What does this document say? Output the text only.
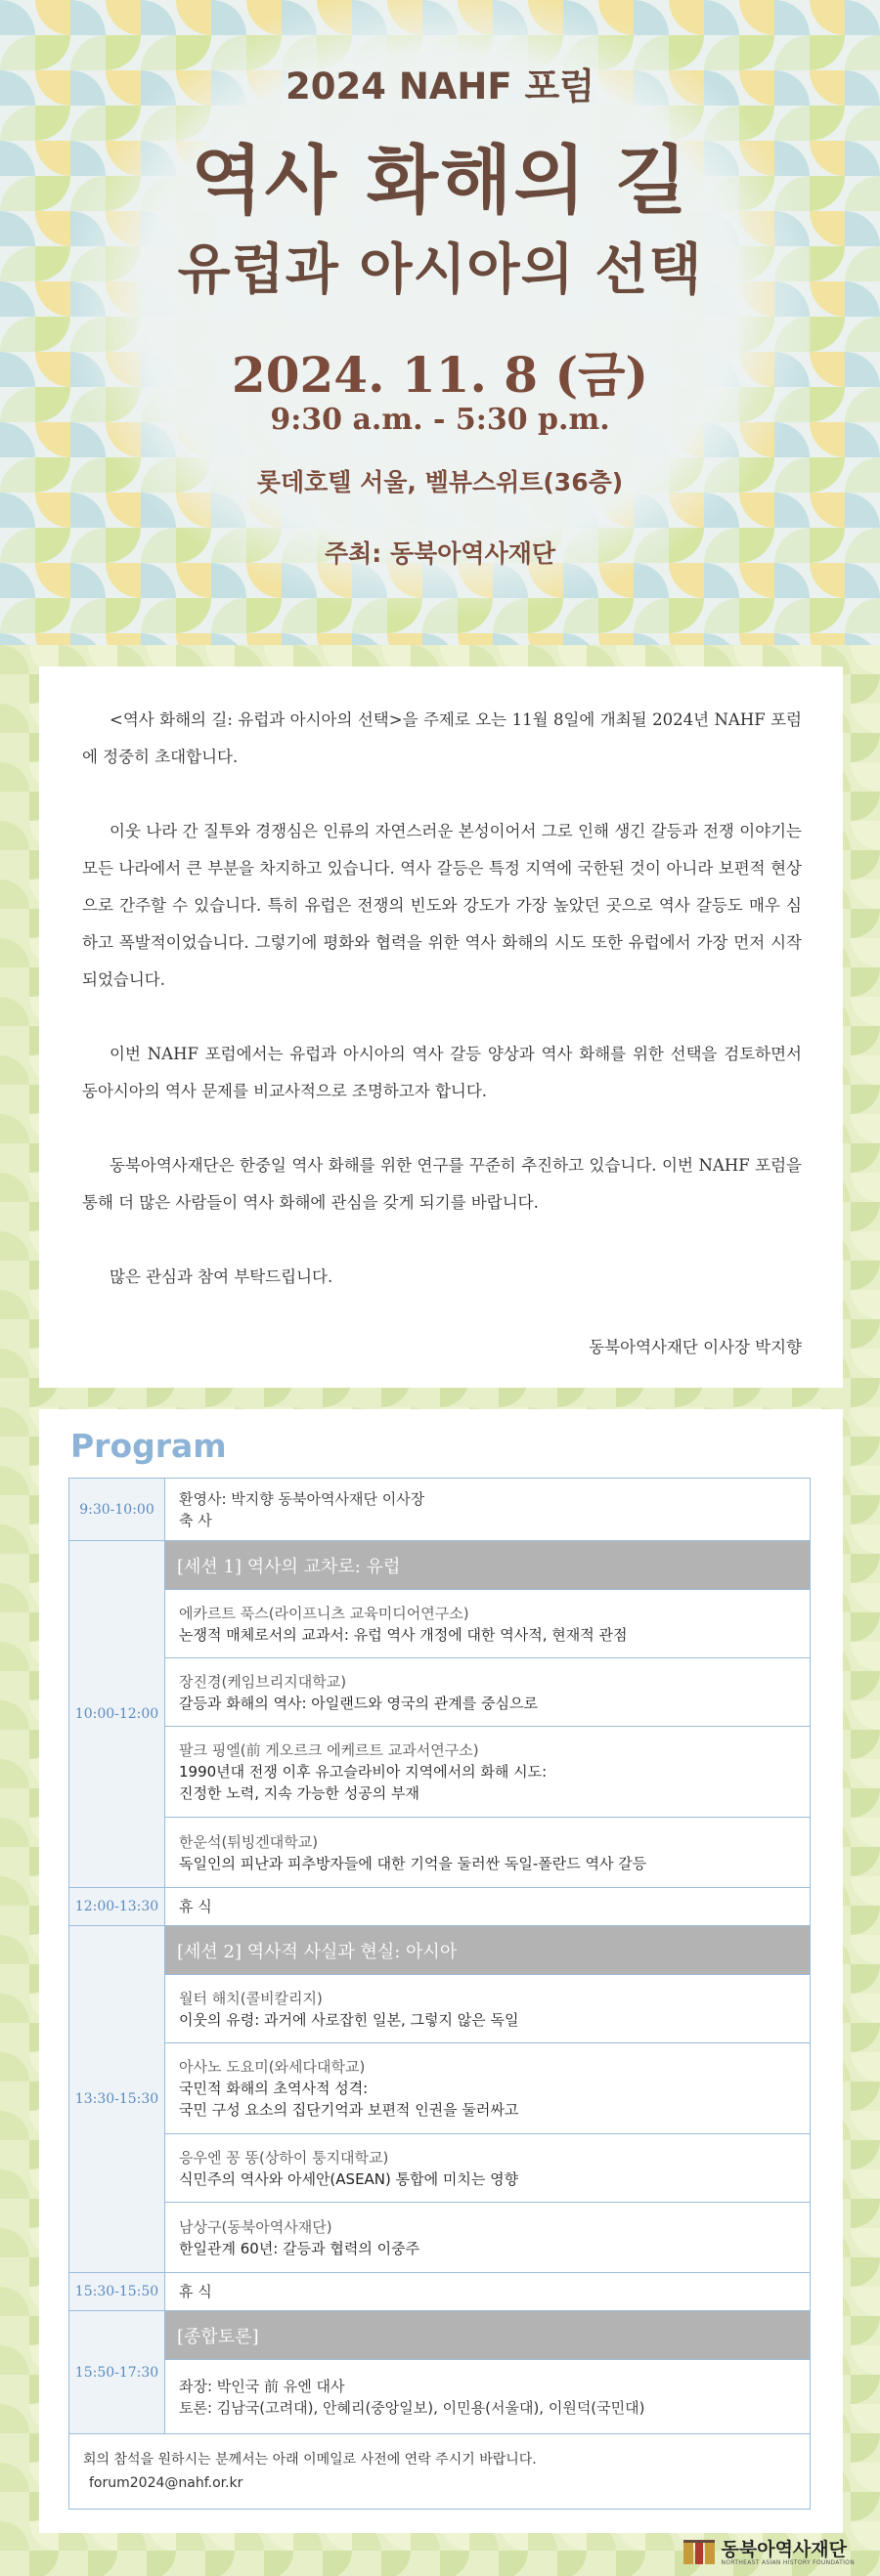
2024 NAHF 포럼
역사 화해의 길
유럽과 아시아의 선택
2024. 11. 8 (금)
9:30 a.m. - 5:30 p.m.
롯데호텔 서울, 벨뷰스위트(36층)
주최: 동북아역사재단

<역사 화해의 길: 유럽과 아시아의 선택>을 주제로 오는 11월 8일에 개최될 2024년 NAHF 포럼에 정중히 초대합니다.

이웃 나라 간 질투와 경쟁심은 인류의 자연스러운 본성이어서 그로 인해 생긴 갈등과 전쟁 이야기는 모든 나라에서 큰 부분을 차지하고 있습니다. 역사 갈등은 특정 지역에 국한된 것이 아니라 보편적 현상으로 간주할 수 있습니다. 특히 유럽은 전쟁의 빈도와 강도가 가장 높았던 곳으로 역사 갈등도 매우 심하고 폭발적이었습니다. 그렇기에 평화와 협력을 위한 역사 화해의 시도 또한 유럽에서 가장 먼저 시작되었습니다.

이번 NAHF 포럼에서는 유럽과 아시아의 역사 갈등 양상과 역사 화해를 위한 선택을 검토하면서 동아시아의 역사 문제를 비교사적으로 조명하고자 합니다.

동북아역사재단은 한중일 역사 화해를 위한 연구를 꾸준히 추진하고 있습니다. 이번 NAHF 포럼을 통해 더 많은 사람들이 역사 화해에 관심을 갖게 되기를 바랍니다.

많은 관심과 참여 부탁드립니다.

동북아역사재단 이사장 박지향

Program
9:30-10:00	환영사: 박지향 동북아역사재단 이사장
축 사

10:00-12:00	[세션 1] 역사의 교차로: 유럽

	에카르트 푹스(라이프니츠 교육미디어연구소)
논쟁적 매체로서의 교과서: 유럽 역사 개정에 대한 역사적, 현재적 관점

	장진경(케임브리지대학교)
갈등과 화해의 역사: 아일랜드와 영국의 관계를 중심으로

	팔크 핑엘(前 게오르크 에케르트 교과서연구소)
1990년대 전쟁 이후 유고슬라비아 지역에서의 화해 시도:
진정한 노력, 지속 가능한 성공의 부재

	한운석(튀빙겐대학교)
독일인의 피난과 피추방자들에 대한 기억을 둘러싼 독일-폴란드 역사 갈등

12:00-13:30	휴 식
13:30-15:30	[세션 2] 역사적 사실과 현실: 아시아

	월터 해치(콜비칼리지)
이웃의 유령: 과거에 사로잡힌 일본, 그렇지 않은 독일

	아사노 도요미(와세다대학교)
국민적 화해의 초역사적 성격:
국민 구성 요소의 집단기억과 보편적 인권을 둘러싸고

	응우엔 꽁 똥(상하이 퉁지대학교)
식민주의 역사와 아세안(ASEAN) 통합에 미치는 영향

	남상구(동북아역사재단)
한일관계 60년: 갈등과 협력의 이중주

15:30-15:50	휴 식
15:50-17:30	[종합토론]

	좌장: 박인국 前 유엔 대사
토론: 김남국(고려대), 안혜리(중앙일보), 이민용(서울대), 이원덕(국민대)

회의 참석을 원하시는 분께서는 아래 이메일로 사전에 연락 주시기 바랍니다.
forum2024@nahf.or.kr	
동북아역사재단
NORTHEAST ASIAN HISTORY FOUNDATION
